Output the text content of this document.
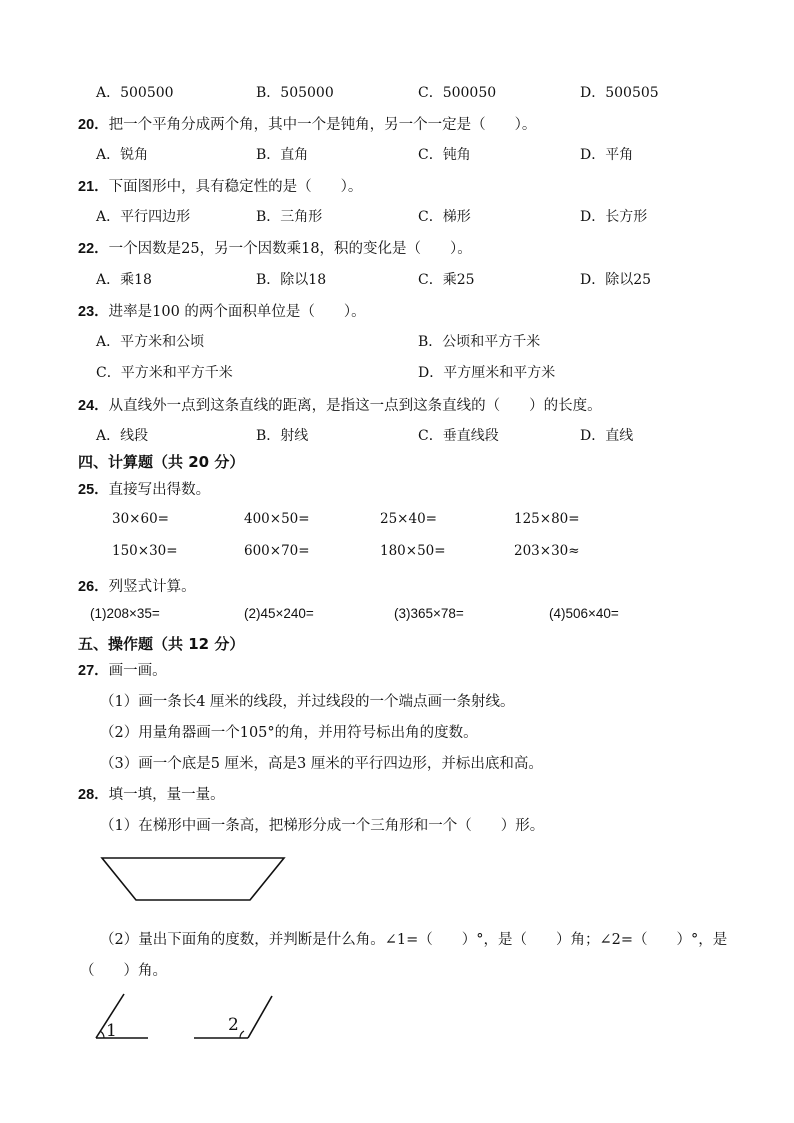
A．500500	B．505000	C．500050	D．500505
20．把一个平角分成两个角，其中一个是钝角，另一个一定是（　　）。
A．锐角	B．直角	C．钝角	D．平角
21．下面图形中，具有稳定性的是（　　）。
A．平行四边形	B．三角形	C．梯形	D．长方形
22．一个因数是25，另一个因数乘18，积的变化是（　　）。
A．乘18	B．除以18	C．乘25	D．除以25
23．进率是100 的两个面积单位是（　　）。
A．平方米和公顷	B．公顷和平方千米
C．平方米和平方千米	D．平方厘米和平方米
24．从直线外一点到这条直线的距离，是指这一点到这条直线的（　　）的长度。
A．线段	B．射线	C．垂直线段	D．直线
四、计算题（共 20 分）
25．直接写出得数。
30×60=	400×50=	25×40=	125×80=
150×30=	600×70=	180×50=	203×30≈
26．列竖式计算。
(1)208×35=	(2)45×240=	(3)365×78=	(4)506×40=
五、操作题（共 12 分）
27．画一画。
（1）画一条长4 厘米的线段，并过线段的一个端点画一条射线。
（2）用量角器画一个105°的角，并用符号标出角的度数。
（3）画一个底是5 厘米，高是3 厘米的平行四边形，并标出底和高。
28．填一填，量一量。
（1）在梯形中画一条高，把梯形分成一个三角形和一个（　　）形。
（2）量出下面角的度数，并判断是什么角。∠1=（　　）°，是（　　）角；∠2=（　　）°，是
（　　）角。
1	2
